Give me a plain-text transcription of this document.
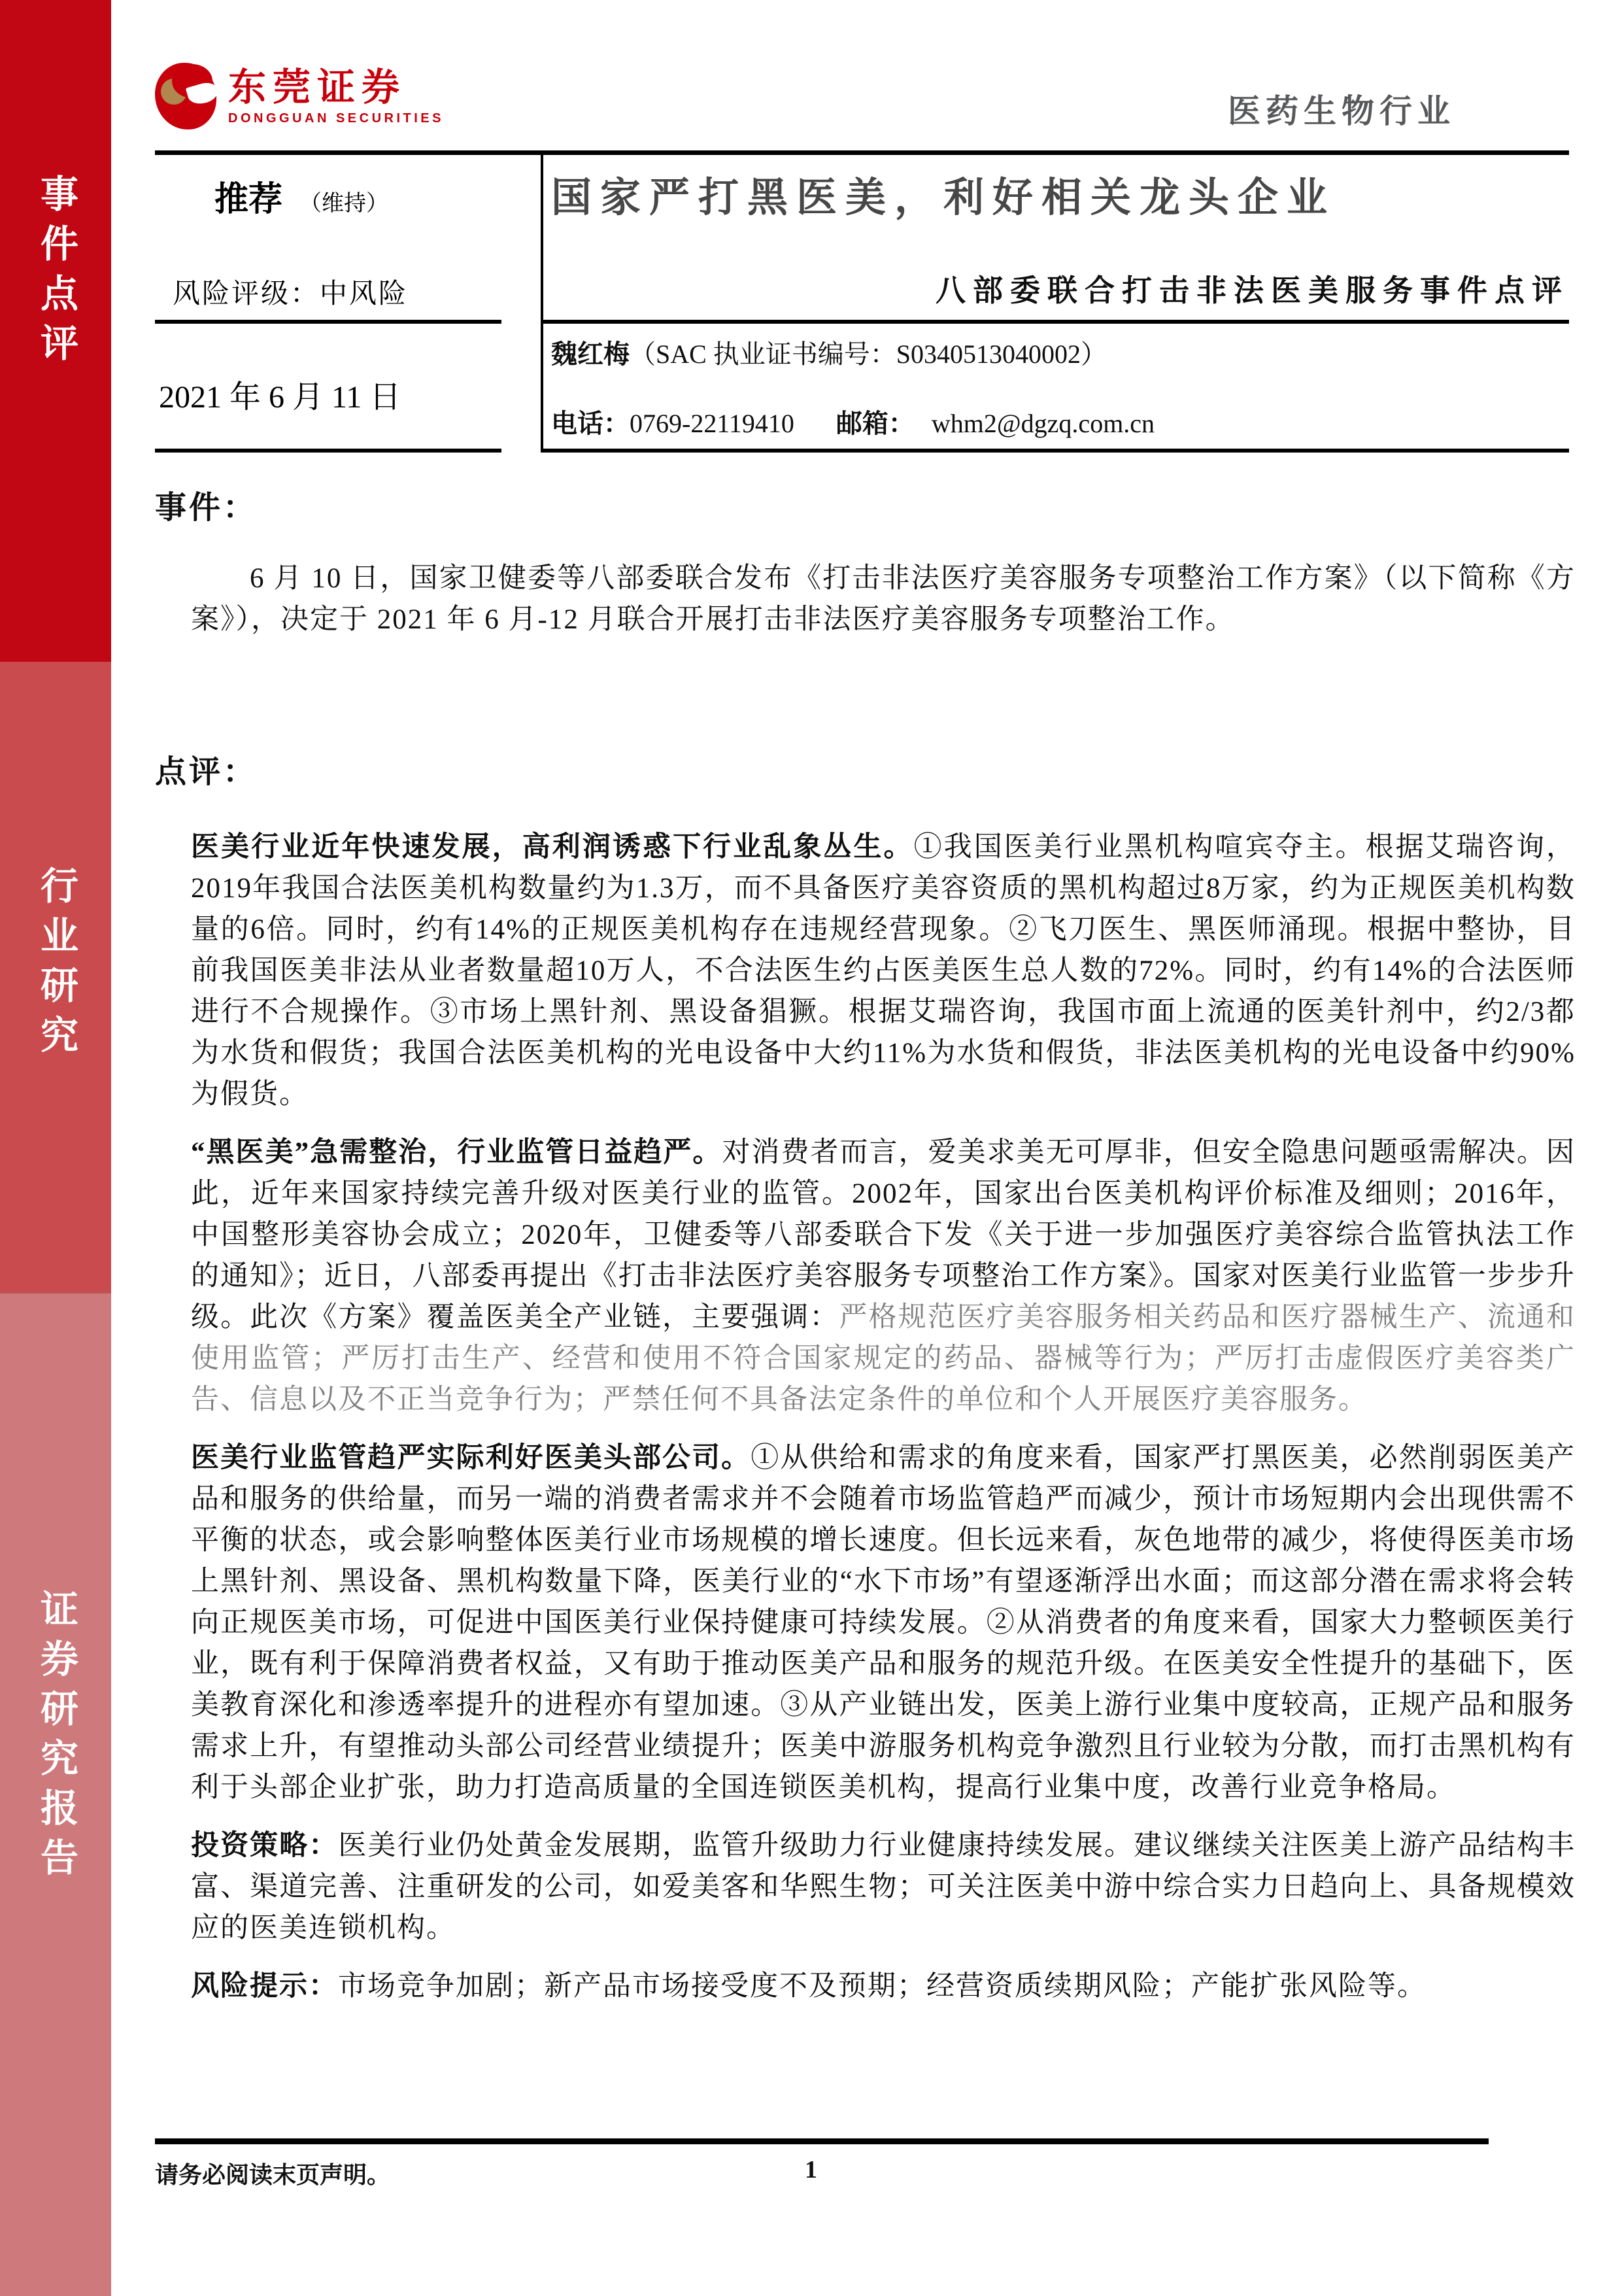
事件点评
行业研究
证券研究报告
东莞证券
DONGGUAN SECURITIES	医药生物行业
推荐 （维持）	国家严打黑医美，利好相关龙头企业
风险评级：中风险	八部委联合打击非法医美服务事件点评
魏红梅（SAC 执业证书编号：S0340513040002）
2021 年 6 月 11 日
电话：0769-22119410 邮箱： whm2@dgzq.com.cn

事件：

6 月 10 日，国家卫健委等八部委联合发布《打击非法医疗美容服务专项整治工作方案》（以下简称《方案》），决定于 2021 年 6 月-12 月联合开展打击非法医疗美容服务专项整治工作。

点评：

医美行业近年快速发展，高利润诱惑下行业乱象丛生。①我国医美行业黑机构喧宾夺主。根据艾瑞咨询，2019年我国合法医美机构数量约为1.3万，而不具备医疗美容资质的黑机构超过8万家，约为正规医美机构数量的6倍。同时，约有14%的正规医美机构存在违规经营现象。②飞刀医生、黑医师涌现。根据中整协，目前我国医美非法从业者数量超10万人，不合法医生约占医美医生总人数的72%。同时，约有14%的合法医师进行不合规操作。③市场上黑针剂、黑设备猖獗。根据艾瑞咨询，我国市面上流通的医美针剂中，约2/3都为水货和假货；我国合法医美机构的光电设备中大约11%为水货和假货，非法医美机构的光电设备中约90%为假货。

“黑医美”急需整治，行业监管日益趋严。对消费者而言，爱美求美无可厚非，但安全隐患问题亟需解决。因此，近年来国家持续完善升级对医美行业的监管。2002年，国家出台医美机构评价标准及细则；2016年，中国整形美容协会成立；2020年，卫健委等八部委联合下发《关于进一步加强医疗美容综合监管执法工作的通知》；近日，八部委再提出《打击非法医疗美容服务专项整治工作方案》。国家对医美行业监管一步步升级。此次《方案》覆盖医美全产业链，主要强调：严格规范医疗美容服务相关药品和医疗器械生产、流通和使用监管；严厉打击生产、经营和使用不符合国家规定的药品、器械等行为；严厉打击虚假医疗美容类广告、信息以及不正当竞争行为；严禁任何不具备法定条件的单位和个人开展医疗美容服务。

医美行业监管趋严实际利好医美头部公司。①从供给和需求的角度来看，国家严打黑医美，必然削弱医美产品和服务的供给量，而另一端的消费者需求并不会随着市场监管趋严而减少，预计市场短期内会出现供需不平衡的状态，或会影响整体医美行业市场规模的增长速度。但长远来看，灰色地带的减少，将使得医美市场上黑针剂、黑设备、黑机构数量下降，医美行业的“水下市场”有望逐渐浮出水面；而这部分潜在需求将会转向正规医美市场，可促进中国医美行业保持健康可持续发展。②从消费者的角度来看，国家大力整顿医美行业，既有利于保障消费者权益，又有助于推动医美产品和服务的规范升级。在医美安全性提升的基础下，医美教育深化和渗透率提升的进程亦有望加速。③从产业链出发，医美上游行业集中度较高，正规产品和服务需求上升，有望推动头部公司经营业绩提升；医美中游服务机构竞争激烈且行业较为分散，而打击黑机构有利于头部企业扩张，助力打造高质量的全国连锁医美机构，提高行业集中度，改善行业竞争格局。

投资策略：医美行业仍处黄金发展期，监管升级助力行业健康持续发展。建议继续关注医美上游产品结构丰富、渠道完善、注重研发的公司，如爱美客和华熙生物；可关注医美中游中综合实力日趋向上、具备规模效应的医美连锁机构。

风险提示：市场竞争加剧；新产品市场接受度不及预期；经营资质续期风险；产能扩张风险等。

请务必阅读末页声明。	1
